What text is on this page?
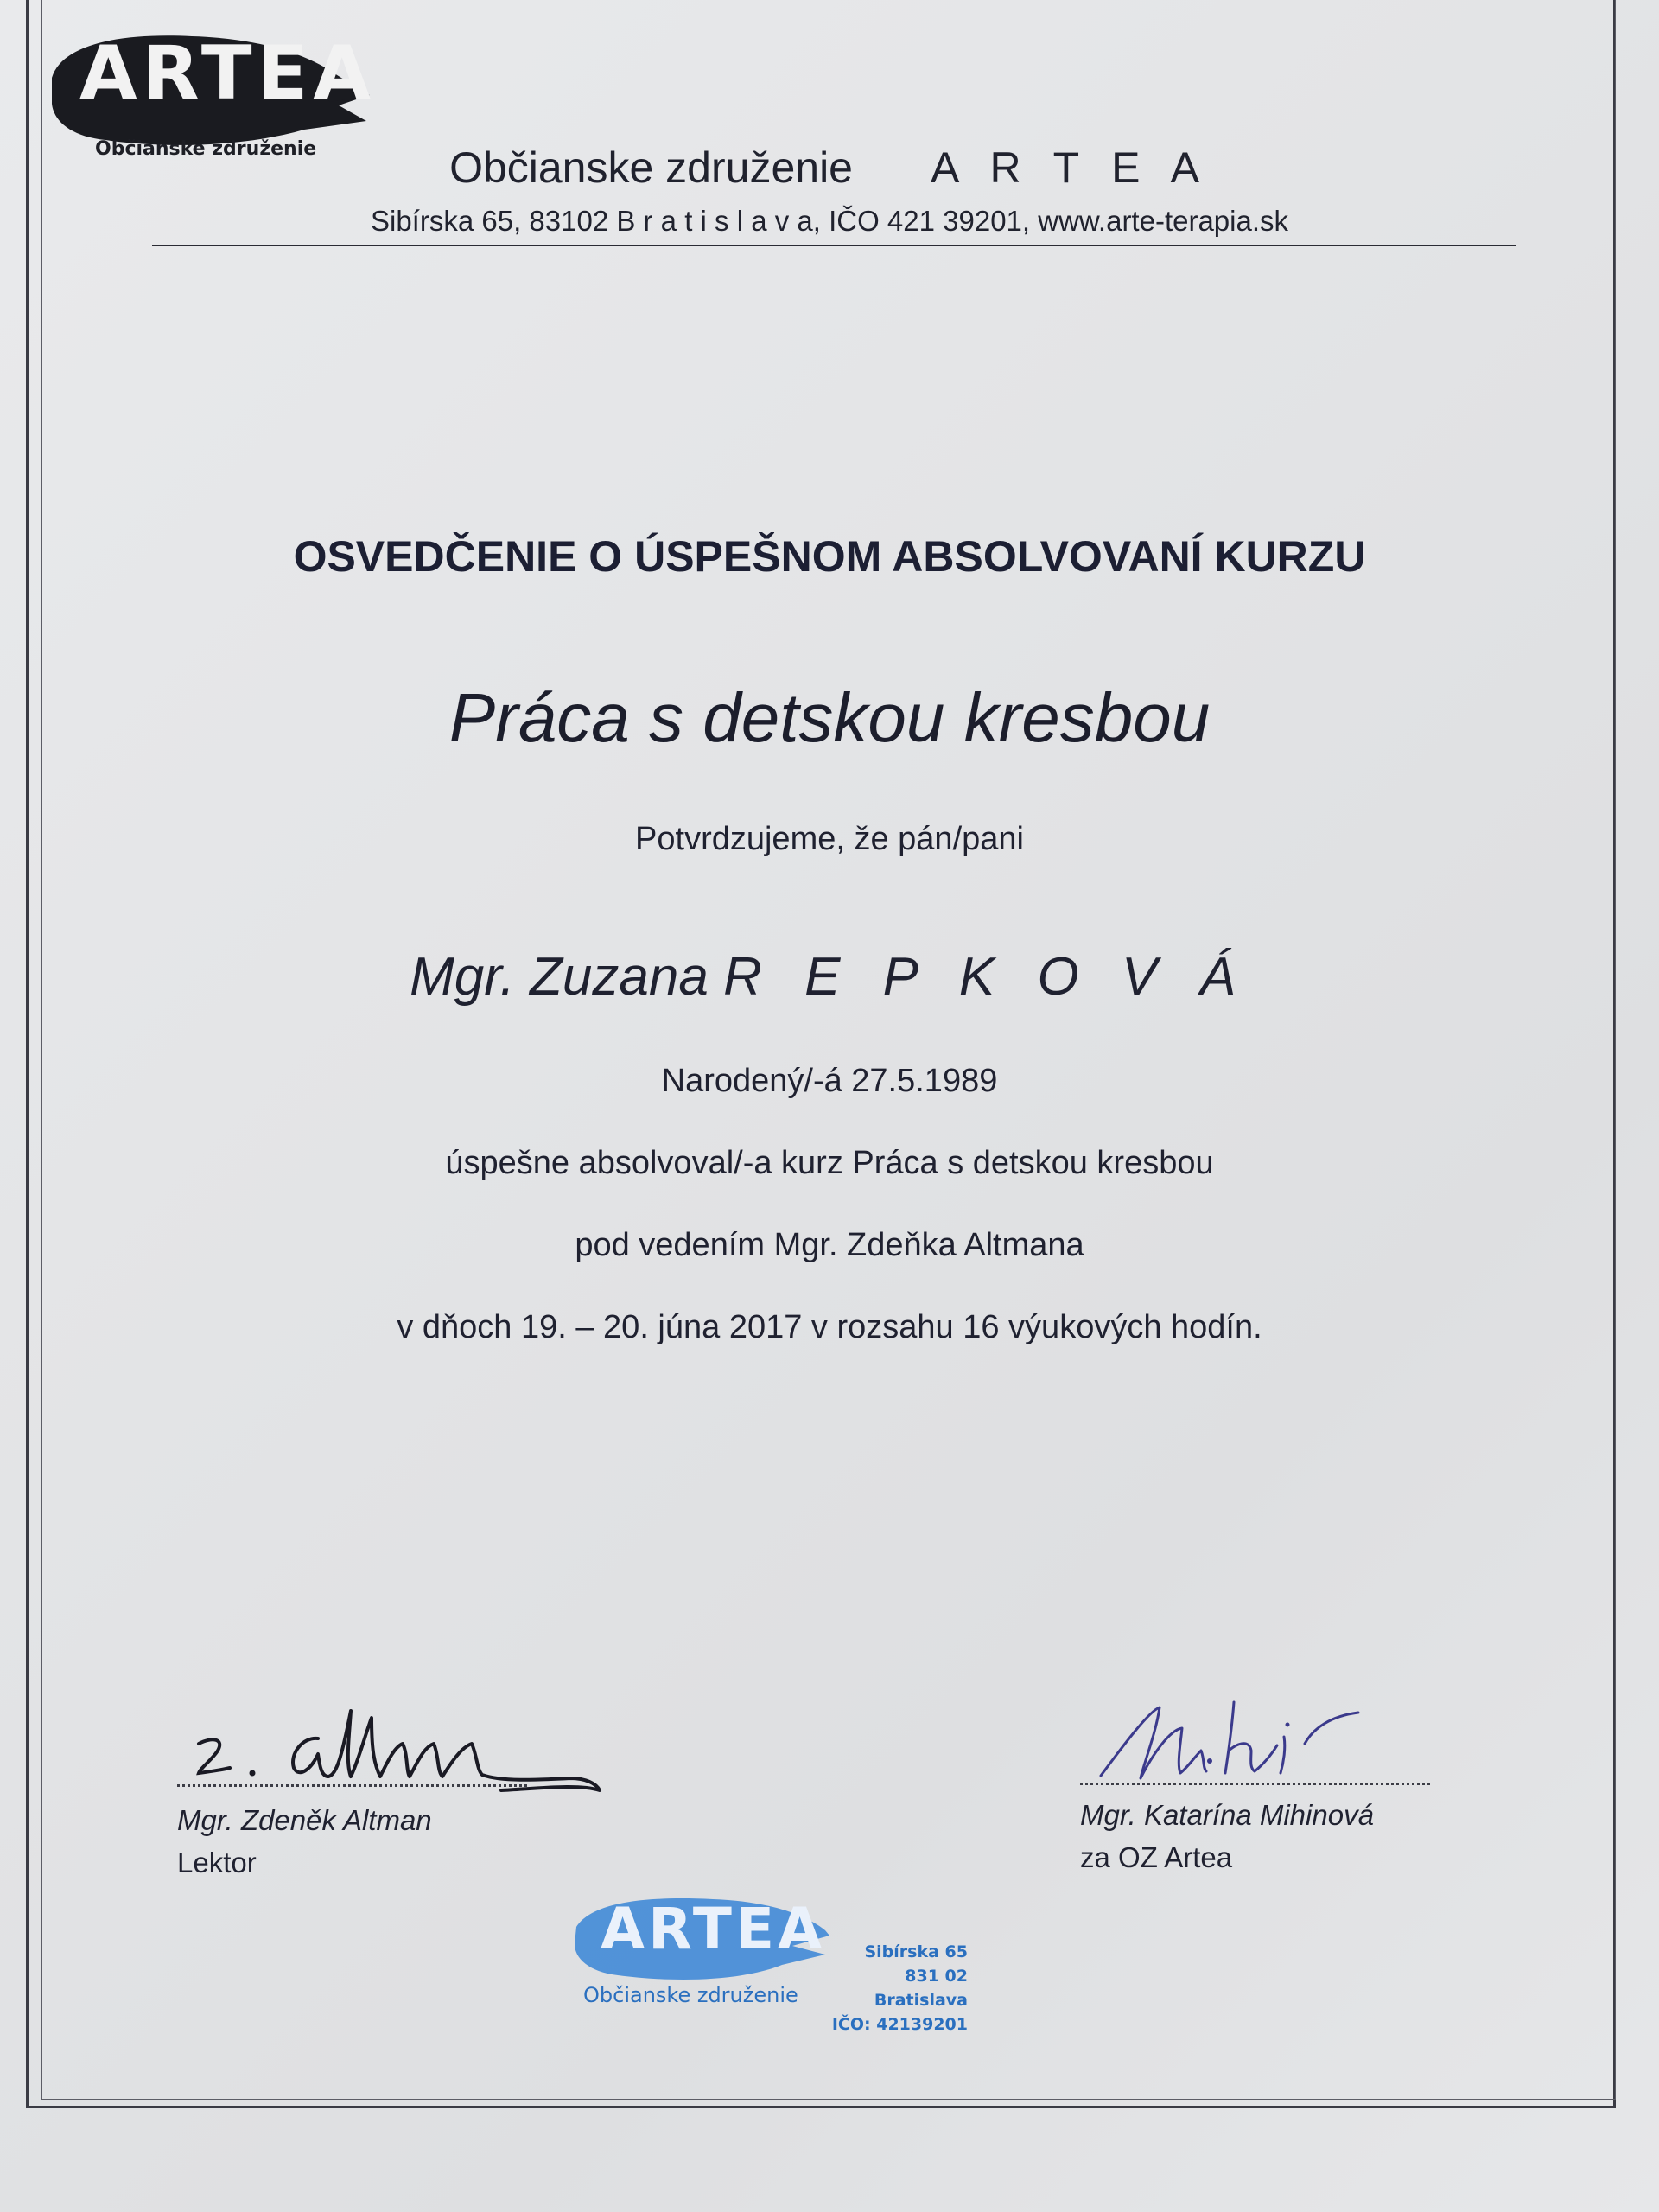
ARTEA
Občianske združenie	Občianske združenie A R T E A
Sibírska 65, 83102 B r a t i s l a v a, IČO 421 39201, www.arte-terapia.sk
OSVEDČENIE O ÚSPEŠNOM ABSOLVOVANÍ KURZU
Práca s detskou kresbou
Potvrdzujeme, že pán/pani
Mgr. Zuzana R E P K O V Á
Narodený/-á 27.5.1989
úspešne absolvoval/-a kurz Práca s detskou kresbou
pod vedením Mgr. Zdeňka Altmana
v dňoch 19. – 20. júna 2017 v rozsahu 16 výukových hodín.
Mgr. Zdeněk Altman
Lektor
Mgr. Katarína Mihinová
za OZ Artea
ARTEA
Občianske združenie
Sibírska 65
831 02 Bratislava
IČO: 42139201
